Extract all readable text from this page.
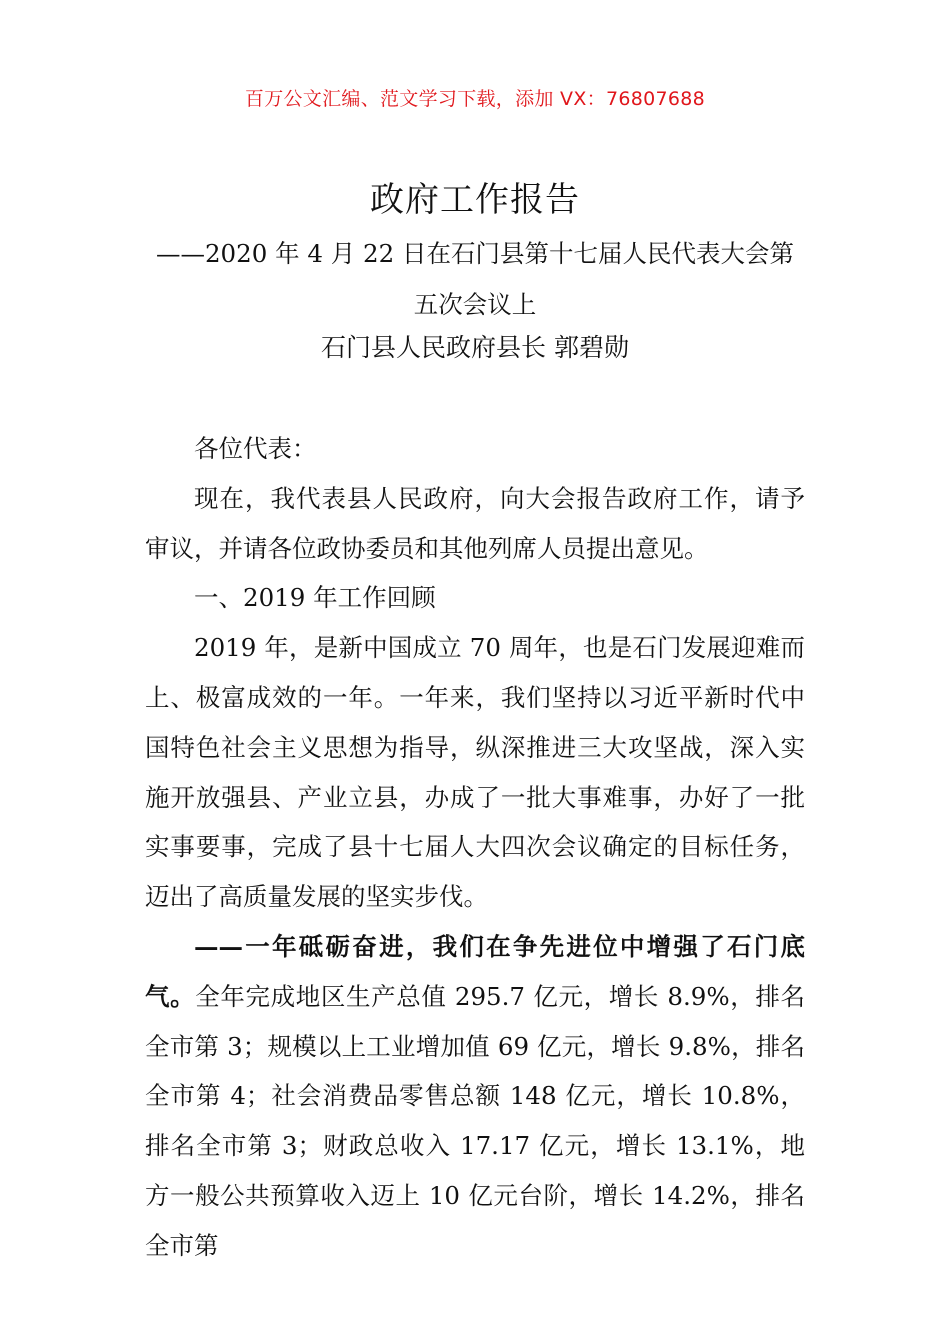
百万公文汇编、范文学习下载，添加 VX：76807688
政府工作报告
——2020 年 4 月 22 日在石门县第十七届人民代表大会第五次会议上
石门县人民政府县长 郭碧勋

各位代表：

现在，我代表县人民政府，向大会报告政府工作，请予审议，并请各位政协委员和其他列席人员提出意见。

一、2019 年工作回顾

2019 年，是新中国成立 70 周年，也是石门发展迎难而上、极富成效的一年。一年来，我们坚持以习近平新时代中国特色社会主义思想为指导，纵深推进三大攻坚战，深入实施开放强县、产业立县，办成了一批大事难事，办好了一批实事要事，完成了县十七届人大四次会议确定的目标任务，迈出了高质量发展的坚实步伐。

——一年砥砺奋进，我们在争先进位中增强了石门底气。全年完成地区生产总值 295.7 亿元，增长 8.9%，排名全市第 3；规模以上工业增加值 69 亿元，增长 9.8%，排名全市第 4；社会消费品零售总额 148 亿元，增长 10.8%，排名全市第 3；财政总收入 17.17 亿元，增长 13.1%，地方一般公共预算收入迈上 10 亿元台阶，增长 14.2%，排名全市第
